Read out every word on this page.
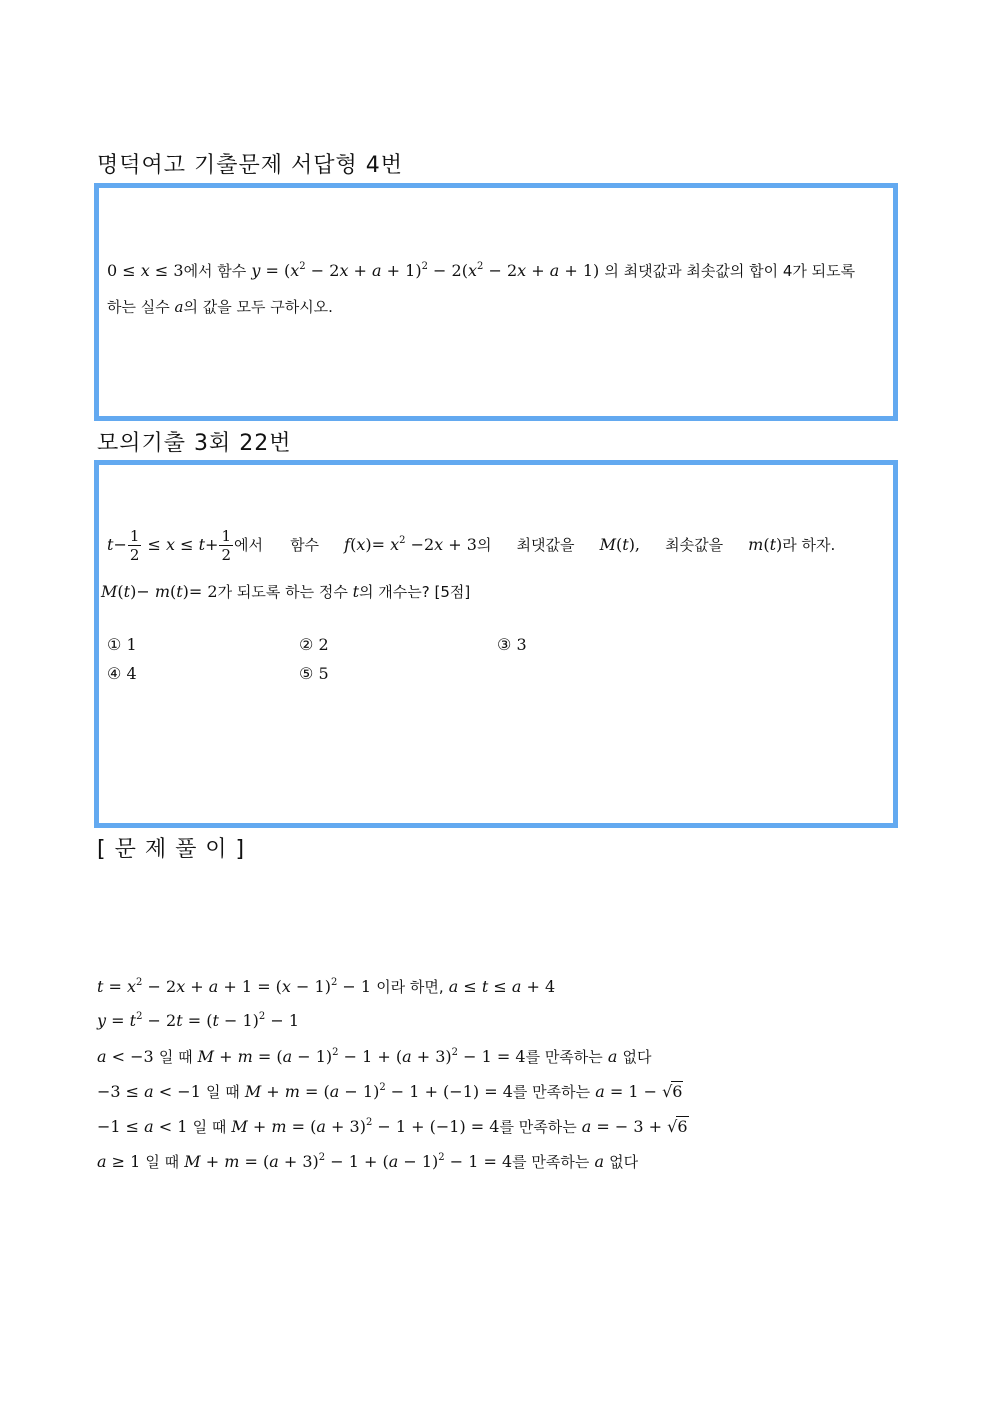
명덕여고 기출문제 서답형 4번
0 ≤ x ≤ 3에서 함수 $y = (x^2 - 2x + a + 1)^2 - 2(x^2 - 2x + a + 1)$ 의 최댓값과 최솟값의 합이 4가 되도록
하는 실수 a의 값을 모두 구하시오.
모의기출 3회 22번
$t- \frac{1}{2} \le x \le t+ \frac{1}{2}$ 에서 함수 $f(x)= x^2 -2x + 3$의 최댓값을 M(t), 최솟값을 m(t)라 하자.
M(t)− m(t)= 2가 되도록 하는 정수 t의 개수는? [5점]
① 1	② 2	③ 3
④ 4	⑤ 5
[ 문 제 풀 이 ]
$t = x^2 - 2x + a + 1 = (x - 1)^2 - 1$ 이라 하면, a ≤ t ≤ a + 4
$y = t^2 - 2t = (t - 1)^2 - 1$
a < −3 일 때 $M + m = (a - 1)^2 - 1 + (a + 3)^2 - 1 = 4$를 만족하는 a 없다
−3 ≤ a < −1 일 때 $M + m = (a - 1)^2 - 1 + (-1) = 4$를 만족하는 a = 1 − √6
−1 ≤ a < 1 일 때 $M + m = (a + 3)^2 - 1 + (-1) = 4$를 만족하는 a = − 3 + √6
a ≥ 1 일 때 $M + m = (a + 3)^2 - 1 + (a - 1)^2 - 1 = 4$를 만족하는 a 없다
